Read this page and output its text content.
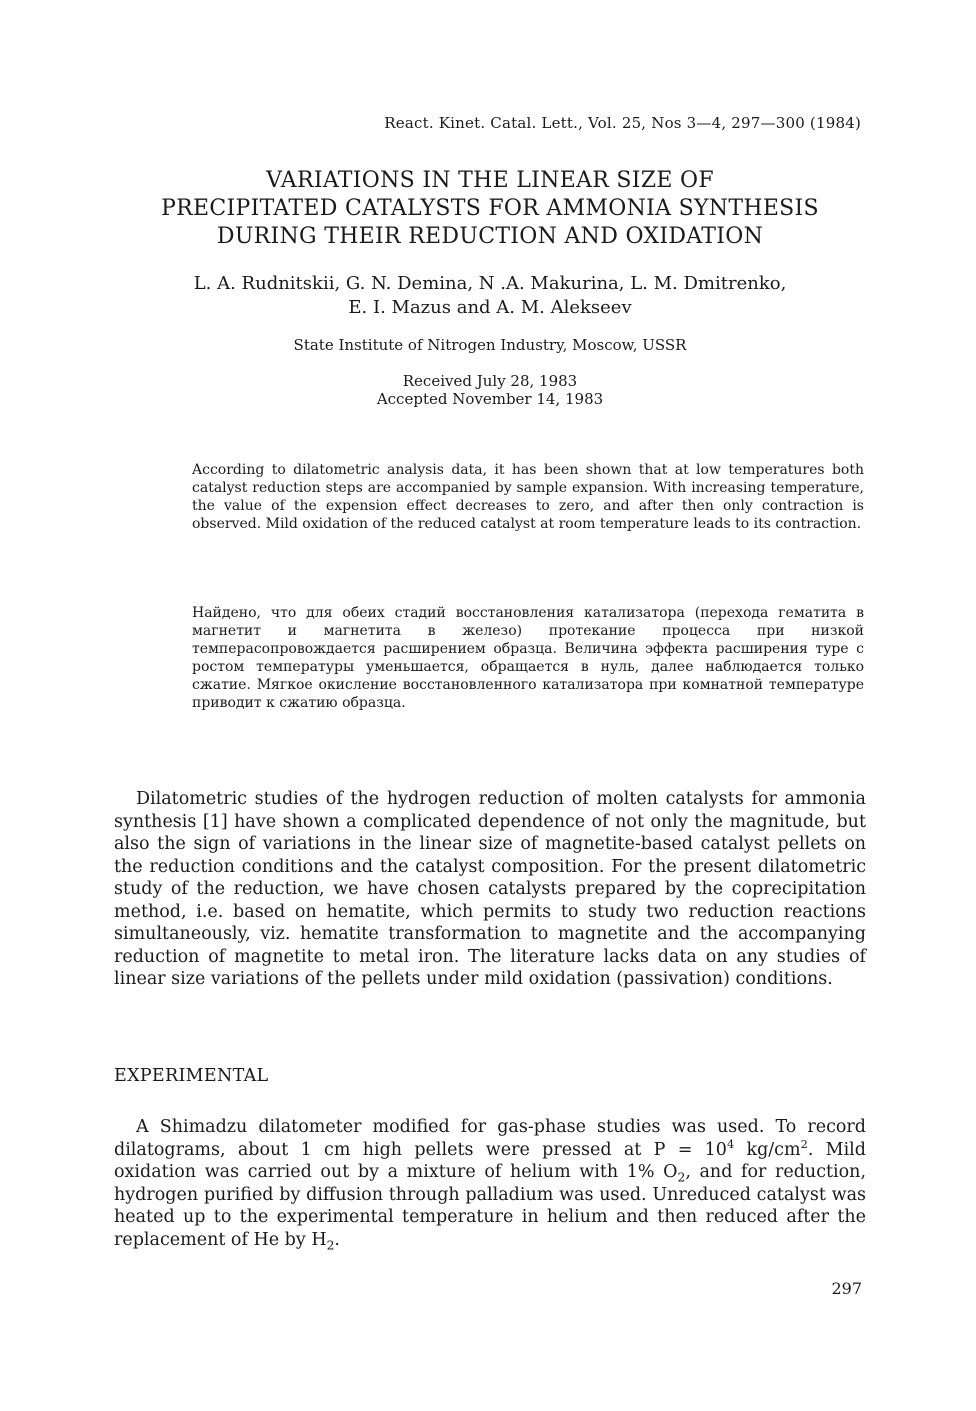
React. Kinet. Catal. Lett., Vol. 25, Nos 3—4, 297—300 (1984)
VARIATIONS IN THE LINEAR SIZE OF
PRECIPITATED CATALYSTS FOR AMMONIA SYNTHESIS
DURING THEIR REDUCTION AND OXIDATION
L. A. Rudnitskii, G. N. Demina, N .A. Makurina, L. M. Dmitrenko,
E. I. Mazus and A. M. Alekseev
State Institute of Nitrogen Industry, Moscow, USSR
Received July 28, 1983
Accepted November 14, 1983
According to dilatometric analysis data, it has been shown that at low temperatures both catalyst reduction steps are accompanied by sample expansion. With increasing temperature, the value of the expension effect decreases to zero, and after then only contraction is observed. Mild oxidation of the reduced catalyst at room temperature leads to its contraction.
Найдено, что для обеих стадий восстановления катализатора (перехода гематита в магнетит и магнетита в железо) протекание процесса при низкой темперасопровождается расширением образца. Величина эффекта расширения туре с ростом температуры уменьшается, обращается в нуль, далее наблюдается только сжатие. Мягкое окисление восстановленного катализатора при комнатной температуре приводит к сжатию образца.

Dilatometric studies of the hydrogen reduction of molten catalysts for ammonia synthesis [1] have shown a complicated dependence of not only the magnitude, but also the sign of variations in the linear size of magnetite-based catalyst pellets on the reduction conditions and the catalyst composition. For the present dilatometric study of the reduction, we have chosen catalysts prepared by the coprecipitation method, i.e. based on hematite, which permits to study two reduction reactions simultaneously, viz. hematite transformation to magnetite and the accompanying reduction of magnetite to metal iron. The literature lacks data on any studies of linear size variations of the pellets under mild oxidation (passivation) conditions.

EXPERIMENTAL

A Shimadzu dilatometer modified for gas-phase studies was used. To record dilatograms, about 1 cm high pellets were pressed at $P = 10^4$ $kg/cm^2$. Mild oxidation was carried out by a mixture of helium with 1% $O_2$, and for reduction, hydrogen purified by diffusion through palladium was used. Unreduced catalyst was heated up to the experimental temperature in helium and then reduced after the replacement of He by $H_2$.

297
